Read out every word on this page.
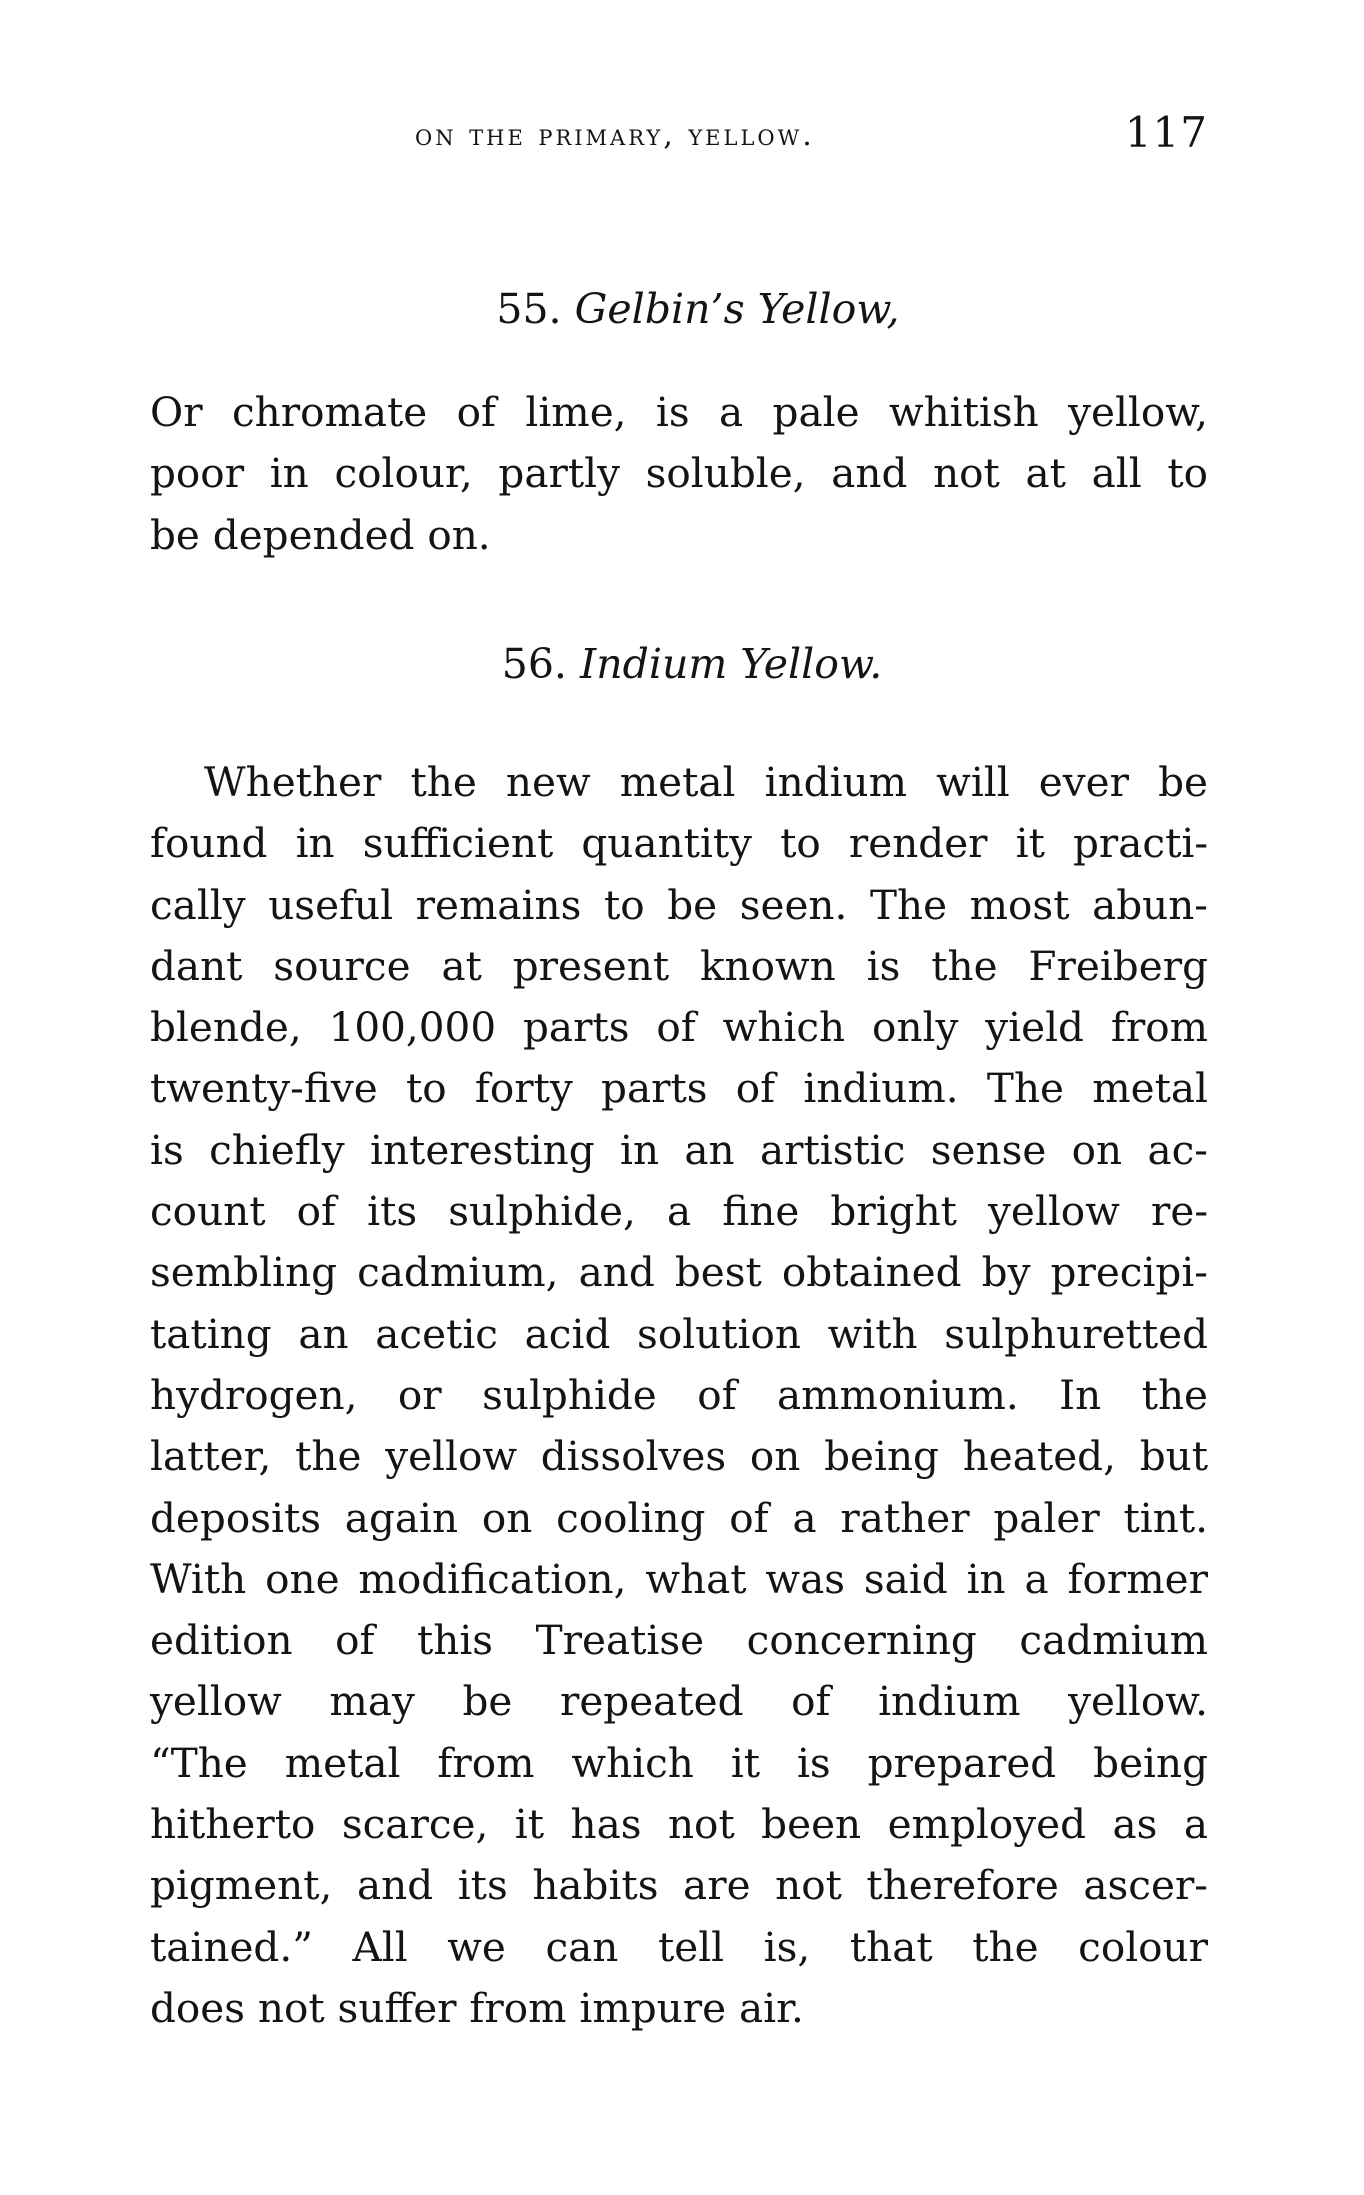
on the primary, yellow.	117
55. Gelbin’s Yellow,
Or chromate of lime, is a pale whitish yellow,
poor in colour, partly soluble, and not at all to
be depended on.
56. Indium Yellow.
Whether the new metal indium will ever be
found in sufficient quantity to render it practi-
cally useful remains to be seen. The most abun-
dant source at present known is the Freiberg
blende, 100,000 parts of which only yield from
twenty-five to forty parts of indium. The metal
is chiefly interesting in an artistic sense on ac-
count of its sulphide, a fine bright yellow re-
sembling cadmium, and best obtained by precipi-
tating an acetic acid solution with sulphuretted
hydrogen, or sulphide of ammonium. In the
latter, the yellow dissolves on being heated, but
deposits again on cooling of a rather paler tint.
With one modification, what was said in a former
edition of this Treatise concerning cadmium
yellow may be repeated of indium yellow.
“The metal from which it is prepared being
hitherto scarce, it has not been employed as a
pigment, and its habits are not therefore ascer-
tained.” All we can tell is, that the colour
does not suffer from impure air.
